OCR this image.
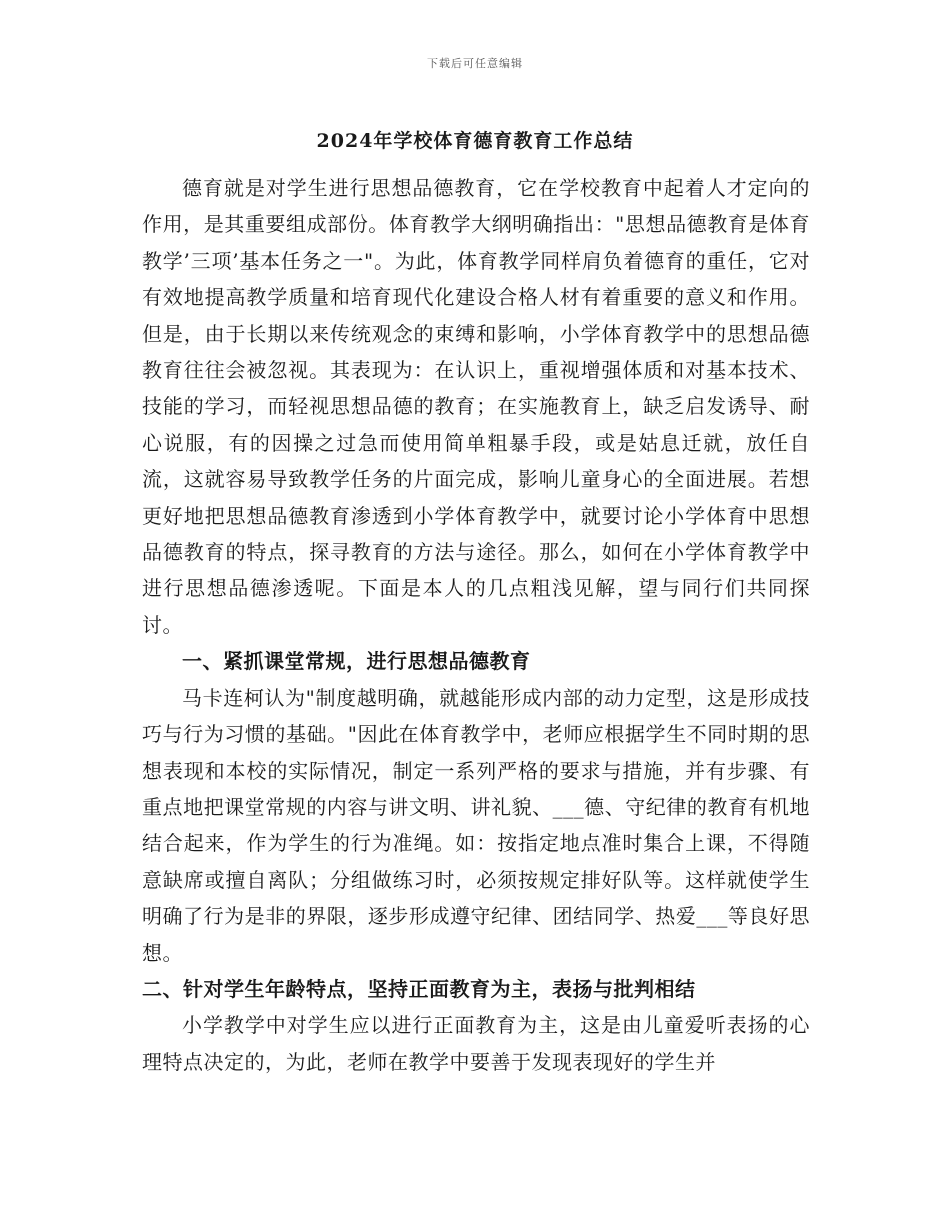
下载后可任意编辑
2024年学校体育德育教育工作总结

德育就是对学生进行思想品德教育，它在学校教育中起着人才定向的作用，是其重要组成部份。体育教学大纲明确指出："思想品德教育是体育教学’三项’基本任务之一"。为此，体育教学同样肩负着德育的重任，它对有效地提高教学质量和培育现代化建设合格人材有着重要的意义和作用。但是，由于长期以来传统观念的束缚和影响，小学体育教学中的思想品德教育往往会被忽视。其表现为：在认识上，重视增强体质和对基本技术、技能的学习，而轻视思想品德的教育；在实施教育上，缺乏启发诱导、耐心说服，有的因操之过急而使用简单粗暴手段，或是姑息迁就，放任自流，这就容易导致教学任务的片面完成，影响儿童身心的全面进展。若想更好地把思想品德教育渗透到小学体育教学中，就要讨论小学体育中思想品德教育的特点，探寻教育的方法与途径。那么，如何在小学体育教学中进行思想品德渗透呢。下面是本人的几点粗浅见解，望与同行们共同探讨。

一、紧抓课堂常规，进行思想品德教育

马卡连柯认为"制度越明确，就越能形成内部的动力定型，这是形成技巧与行为习惯的基础。"因此在体育教学中，老师应根据学生不同时期的思想表现和本校的实际情况，制定一系列严格的要求与措施，并有步骤、有重点地把课堂常规的内容与讲文明、讲礼貌、___德、守纪律的教育有机地结合起来，作为学生的行为准绳。如：按指定地点准时集合上课，不得随意缺席或擅自离队；分组做练习时，必须按规定排好队等。这样就使学生明确了行为是非的界限，逐步形成遵守纪律、团结同学、热爱___等良好思想。

二、针对学生年龄特点，坚持正面教育为主，表扬与批判相结

小学教学中对学生应以进行正面教育为主，这是由儿童爱听表扬的心理特点决定的，为此，老师在教学中要善于发现表现好的学生并
